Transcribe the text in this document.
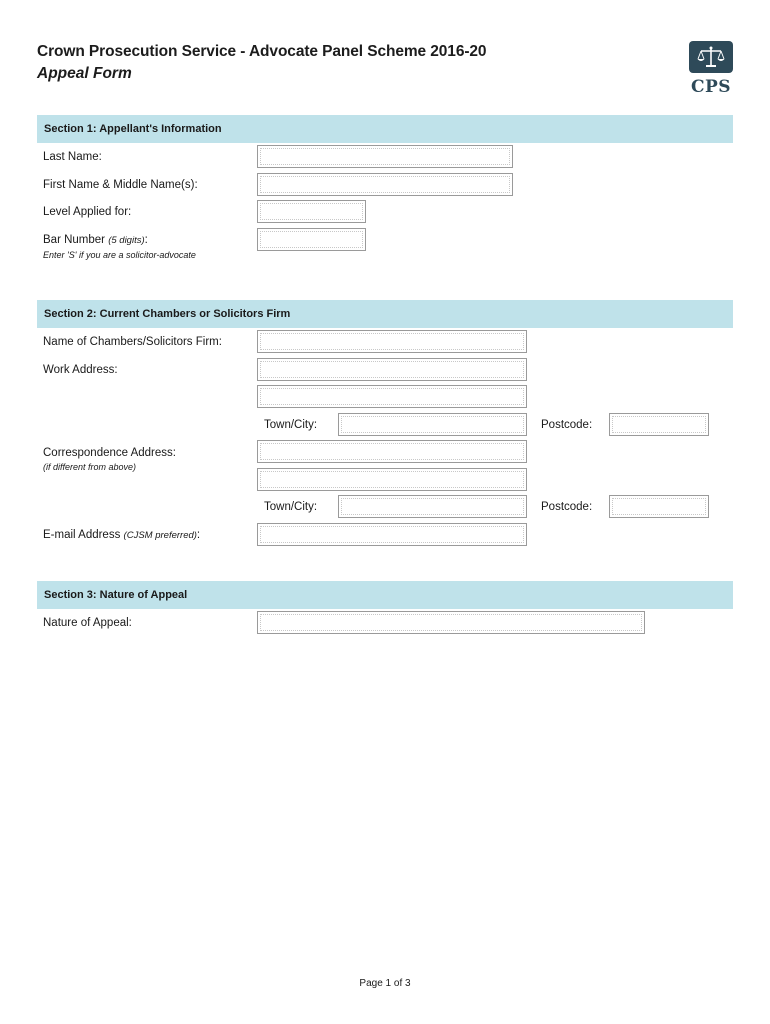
Crown Prosecution Service - Advocate Panel Scheme 2016-20
Appeal Form
CPS
Section 1: Appellant's Information
Last Name:
First Name & Middle Name(s):
Level Applied for:
Bar Number (5 digits):
Enter 'S' if you are a solicitor-advocate
Section 2: Current Chambers or Solicitors Firm
Name of Chambers/Solicitors Firm:
Work Address:
Town/City:	Postcode:
Correspondence Address:
(if different from above)
Town/City:	Postcode:
E-mail Address (CJSM preferred):
Section 3: Nature of Appeal
Nature of Appeal:
Page 1 of 3
